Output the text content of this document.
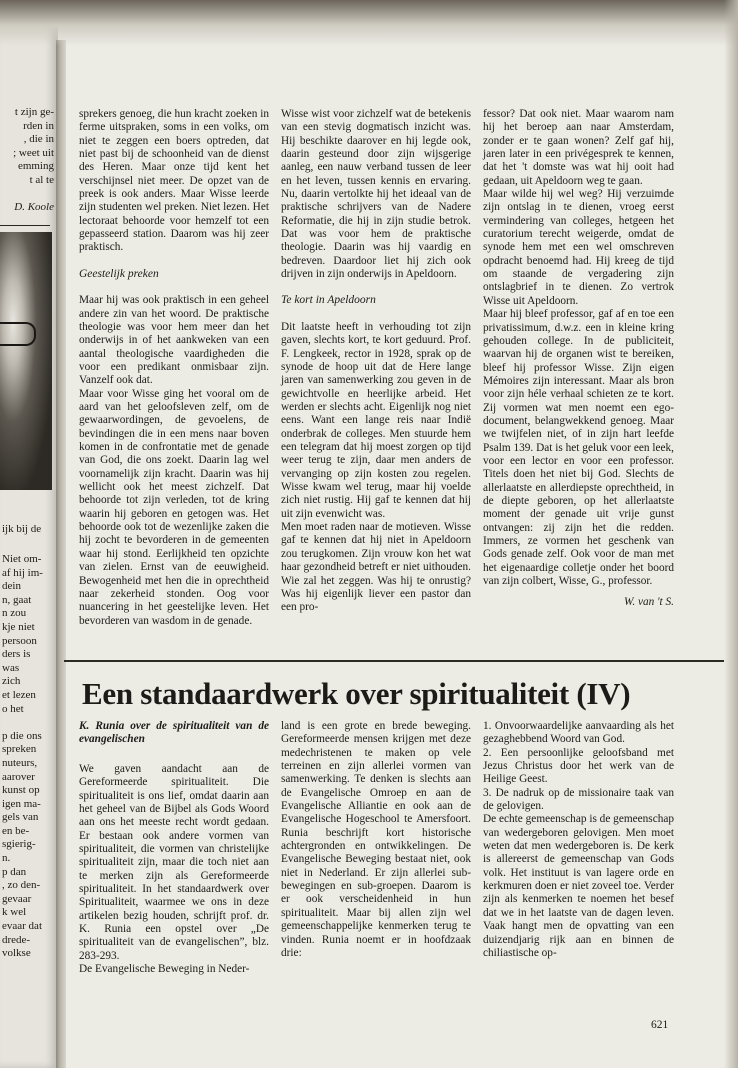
t zijn ge-
rden in
, die in
; weet uit
emming
t al te
D. Koole
ijk bij de
Niet om-
af hij im-
dein
n, gaat
n zou
kje niet
persoon
ders is
was
zich
et lezen
o het
p die ons
spreken
nuteurs,
aarover
kunst op
igen ma-
gels van
en be-
sgierig-
n.
p dan
, zo den-
gevaar
k wel
evaar dat
drede-
volkse

sprekers genoeg, die hun kracht zoeken in ferme uitspraken, soms in een volks, om niet te zeggen een boers optreden, dat niet past bij de schoonheid van de dienst des Heren. Maar onze tijd kent het verschijnsel niet meer. De opzet van de preek is ook anders. Maar Wisse leerde zijn studenten wel preken. Niet lezen. Het lectoraat behoorde voor hemzelf tot een gepasseerd station. Daarom was hij zeer praktisch.

Geestelijk preken

Maar hij was ook praktisch in een geheel andere zin van het woord. De praktische theologie was voor hem meer dan het onderwijs in of het aankweken van een aantal theologische vaardigheden die voor een predikant onmisbaar zijn. Vanzelf ook dat.

Maar voor Wisse ging het vooral om de aard van het geloofsleven zelf, om de gewaarwordingen, de gevoelens, de bevindingen die in een mens naar boven komen in de confrontatie met de genade van God, die ons zoekt. Daarin lag wel voornamelijk zijn kracht. Daarin was hij wellicht ook het meest zichzelf. Dat behoorde tot zijn verleden, tot de kring waarin hij geboren en getogen was. Het behoorde ook tot de wezenlijke zaken die hij zocht te bevorderen in de gemeenten waar hij stond. Eerlijkheid ten opzichte van zielen. Ernst van de eeuwigheid. Bewogenheid met hen die in oprechtheid naar zekerheid stonden. Oog voor nuancering in het geestelijke leven. Het bevorderen van wasdom in de genade.

Wisse wist voor zichzelf wat de betekenis van een stevig dogmatisch inzicht was. Hij beschikte daarover en hij legde ook, daarin gesteund door zijn wijsgerige aanleg, een nauw verband tussen de leer en het leven, tussen kennis en ervaring. Nu, daarin vertolkte hij het ideaal van de praktische schrijvers van de Nadere Reformatie, die hij in zijn studie betrok. Dat was voor hem de praktische theologie. Daarin was hij vaardig en bedreven. Daardoor liet hij zich ook drijven in zijn onderwijs in Apeldoorn.

Te kort in Apeldoorn

Dit laatste heeft in verhouding tot zijn gaven, slechts kort, te kort geduurd. Prof. F. Lengkeek, rector in 1928, sprak op de synode de hoop uit dat de Here lange jaren van samenwerking zou geven in de gewichtvolle en heerlijke arbeid. Het werden er slechts acht. Eigenlijk nog niet eens. Want een lange reis naar Indië onderbrak de colleges. Men stuurde hem een telegram dat hij moest zorgen op tijd weer terug te zijn, daar men anders de vervanging op zijn kosten zou regelen. Wisse kwam wel terug, maar hij voelde zich niet rustig. Hij gaf te kennen dat hij uit zijn evenwicht was.

Men moet raden naar de motieven. Wisse gaf te kennen dat hij niet in Apeldoorn zou terugkomen. Zijn vrouw kon het wat haar gezondheid betreft er niet uithouden. Wie zal het zeggen. Was hij te onrustig? Was hij eigenlijk liever een pastor dan een pro-

fessor? Dat ook niet. Maar waarom nam hij het beroep aan naar Amsterdam, zonder er te gaan wonen? Zelf gaf hij, jaren later in een privégesprek te kennen, dat het 't domste was wat hij ooit had gedaan, uit Apeldoorn weg te gaan.

Maar wilde hij wel weg? Hij verzuimde zijn ontslag in te dienen, vroeg eerst vermindering van colleges, hetgeen het curatorium terecht weigerde, omdat de synode hem met een wel omschreven opdracht benoemd had. Hij kreeg de tijd om staande de vergadering zijn ontslagbrief in te dienen. Zo vertrok Wisse uit Apeldoorn.

Maar hij bleef professor, gaf af en toe een privatissimum, d.w.z. een in kleine kring gehouden college. In de publiciteit, waarvan hij de organen wist te bereiken, bleef hij professor Wisse. Zijn eigen Mémoires zijn interessant. Maar als bron voor zijn héle verhaal schieten ze te kort. Zij vormen wat men noemt een ego-document, belangwekkend genoeg. Maar we twijfelen niet, of in zijn hart leefde Psalm 139. Dat is het geluk voor een leek, voor een lector en voor een professor. Titels doen het niet bij God. Slechts de allerlaatste en allerdiepste oprechtheid, in de diepte geboren, op het allerlaatste moment der genade uit vrije gunst ontvangen: zij zijn het die redden. Immers, ze vormen het geschenk van Gods genade zelf. Ook voor de man met het eigenaardige colletje onder het boord van zijn colbert, Wisse, G., professor.

W. van 't S.

Een standaardwerk over spiritualiteit (IV)

K. Runia over de spiritualiteit van de evangelischen

We gaven aandacht aan de Gereformeerde spiritualiteit. Die spiritualiteit is ons lief, omdat daarin aan het geheel van de Bijbel als Gods Woord aan ons het meeste recht wordt gedaan. Er bestaan ook andere vormen van spiritualiteit, die vormen van christelijke spiritualiteit zijn, maar die toch niet aan te merken zijn als Gereformeerde spiritualiteit. In het standaardwerk over Spiritualiteit, waarmee we ons in deze artikelen bezig houden, schrijft prof. dr. K. Runia een opstel over „De spiritualiteit van de evangelischen”, blz. 283-293.

De Evangelische Beweging in Neder-

land is een grote en brede beweging. Gereformeerde mensen krijgen met deze medechristenen te maken op vele terreinen en zijn allerlei vormen van samenwerking. Te denken is slechts aan de Evangelische Omroep en aan de Evangelische Alliantie en ook aan de Evangelische Hogeschool te Amersfoort. Runia beschrijft kort historische achtergronden en ontwikkelingen. De Evangelische Beweging bestaat niet, ook niet in Nederland. Er zijn allerlei sub-bewegingen en sub-groepen. Daarom is er ook verscheidenheid in hun spiritualiteit. Maar bij allen zijn wel gemeenschappelijke kenmerken terug te vinden. Runia noemt er in hoofdzaak drie:

1. Onvoorwaardelijke aanvaarding als het gezaghebbend Woord van God.

2. Een persoonlijke geloofsband met Jezus Christus door het werk van de Heilige Geest.

3. De nadruk op de missionaire taak van de gelovigen.

De echte gemeenschap is de gemeenschap van wedergeboren gelovigen. Men moet weten dat men wedergeboren is. De kerk is allereerst de gemeenschap van Gods volk. Het instituut is van lagere orde en kerkmuren doen er niet zoveel toe. Verder zijn als kenmerken te noemen het besef dat we in het laatste van de dagen leven. Vaak hangt men de opvatting van een duizendjarig rijk aan en binnen de chiliastische op-

621
